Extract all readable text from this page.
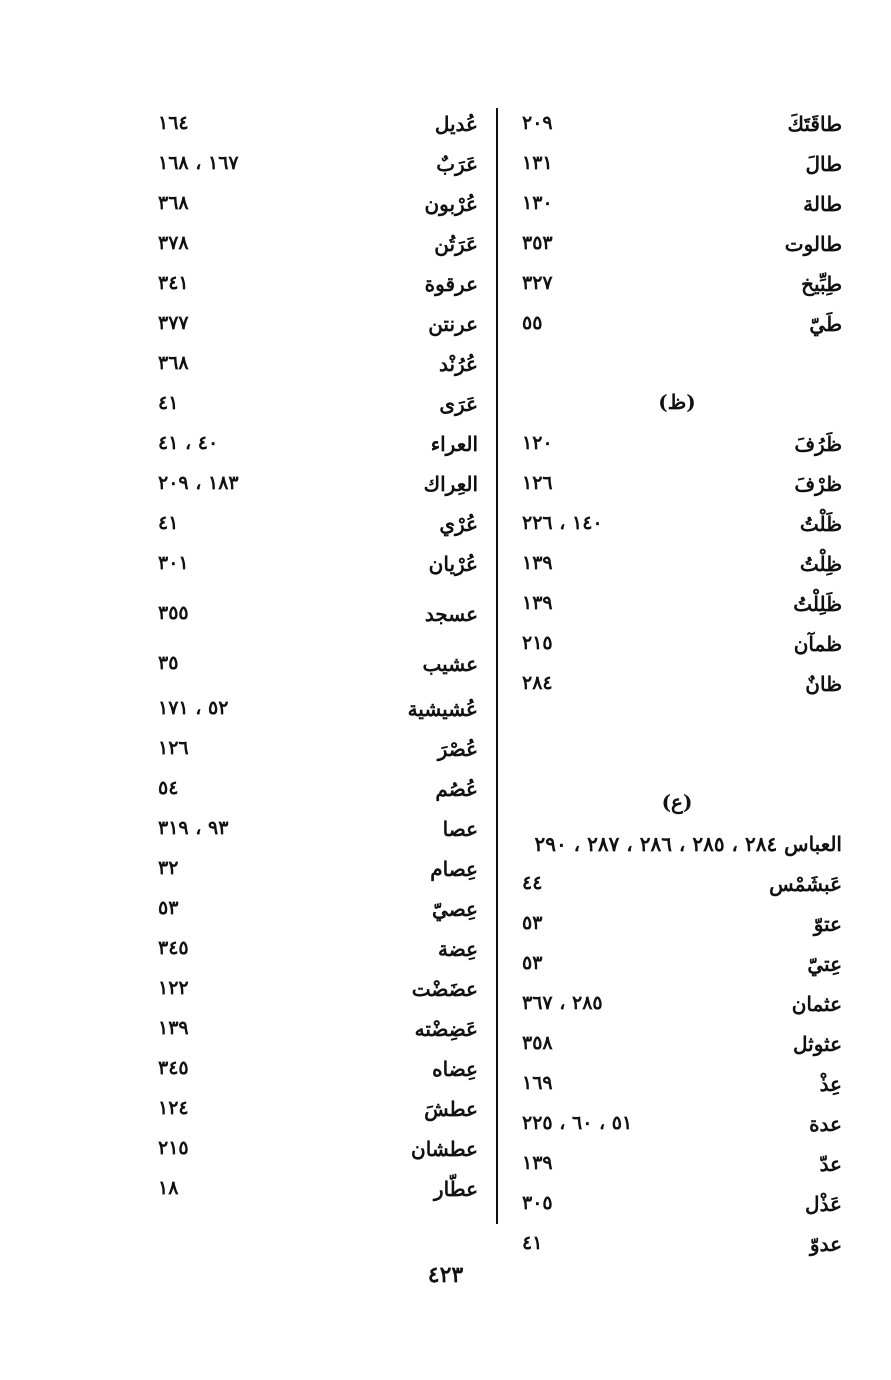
طاقَتَكَ
٢٠٩
طالَ
١٣١
طالة
١٣٠
طالوت
٣٥٣
طِبِّيخ
٣٢٧
طَيّ
٥٥
(ظ)
ظَرُفَ
١٢٠
ظرْفَ
١٢٦
ظَلْتُ
١٤٠ ، ٢٢٦
ظِلْتُ
١٣٩
ظَلِلْتُ
١٣٩
ظمآن
٢١٥
ظانٌ
٢٨٤
(ع)
العباس ٢٨٤ ، ٢٨٥ ، ٢٨٦ ، ٢٨٧ ، ٢٩٠
عَبشَمْس
٤٤
عتوّ
٥٣
عِتيّ
٥٣
عثمان
٢٨٥ ، ٣٦٧
عثوثل
٣٥٨
عِذْ
١٦٩
عدة
٥١ ، ٦٠ ، ٢٢٥
عدّ
١٣٩
عَذْل
٣٠٥
عدوّ
٤١
عُديل
١٦٤
عَرَبٌ
١٦٧ ، ١٦٨
عُرْبون
٣٦٨
عَرَتُن
٣٧٨
عرقوة
٣٤١
عرنتن
٣٧٧
عُرُنْد
٣٦٨
عَرَى
٤١
العراء
٤٠ ، ٤١
العِراك
١٨٣ ، ٢٠٩
عُرْي
٤١
عُرْيان
٣٠١
عسجد
٣٥٥
عشيب
٣٥
عُشيشية
٥٢ ، ١٧١
عُصْرَ
١٢٦
عُصُم
٥٤
عصا
٩٣ ، ٣١٩
عِصام
٣٢
عِصيّ
٥٣
عِضة
٣٤٥
عضَضْت
١٢٢
عَضِضْته
١٣٩
عِضاه
٣٤٥
عطشَ
١٢٤
عطشان
٢١٥
عطّار
١٨
٤٢٣
